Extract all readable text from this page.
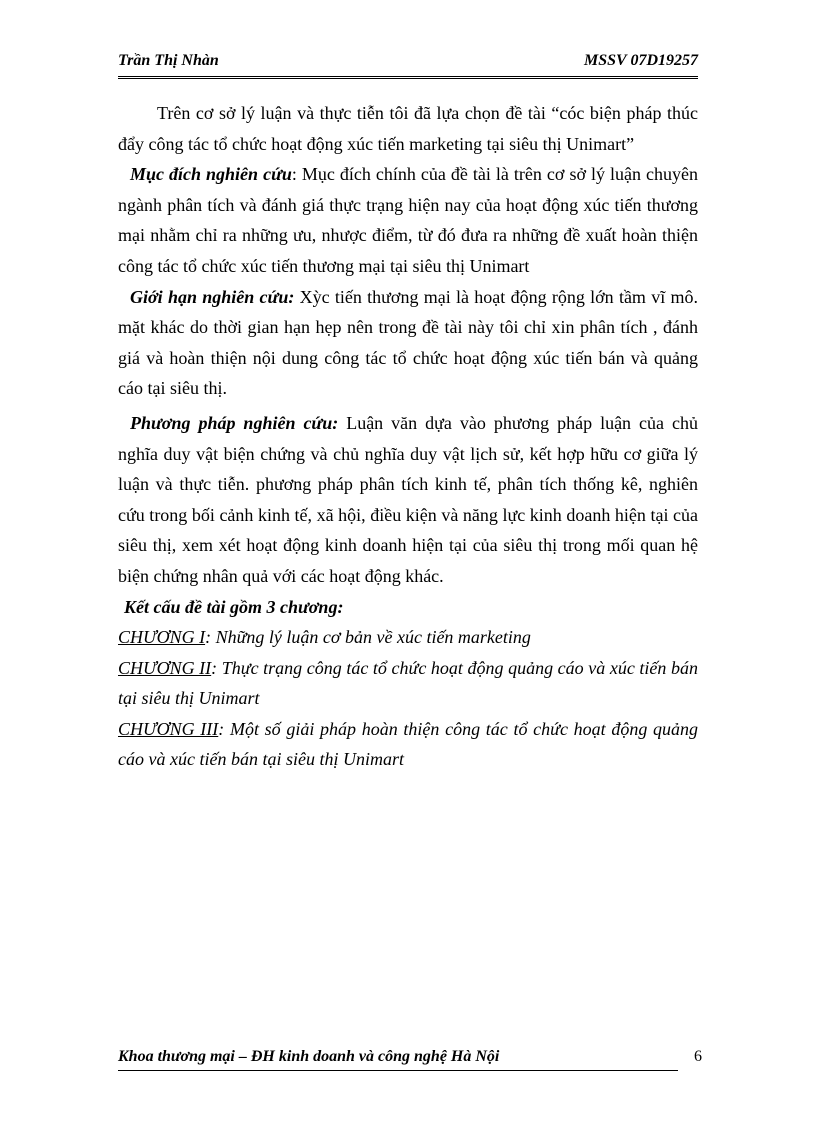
Trần Thị Nhàn	MSSV 07D19257

Trên cơ sở lý luận và thực tiễn tôi đã lựa chọn đề tài “cóc biện pháp thúc đẩy công tác tổ chức hoạt động xúc tiến marketing tại siêu thị Unimart”

Mục đích nghiên cứu: Mục đích chính của đề tài là trên cơ sở lý luận chuyên ngành phân tích và đánh giá thực trạng hiện nay của hoạt động xúc tiến thương mại nhằm chỉ ra những ưu, nhược điểm, từ đó đưa ra những đề xuất hoàn thiện công tác tổ chức xúc tiến thương mại tại siêu thị Unimart

Giới hạn nghiên cứu: Xỳc tiến thương mại là hoạt động rộng lớn tầm vĩ mô. mặt khác do thời gian hạn hẹp nên trong đề tài này tôi chỉ xin phân tích , đánh giá và hoàn thiện nội dung công tác tổ chức hoạt động xúc tiến bán và quảng cáo tại siêu thị.

Phương pháp nghiên cứu: Luận văn dựa vào phương pháp luận của chủ nghĩa duy vật biện chứng và chủ nghĩa duy vật lịch sử, kết hợp hữu cơ giữa lý luận và thực tiễn. phương pháp phân tích kinh tế, phân tích thống kê, nghiên cứu trong bối cảnh kinh tế, xã hội, điều kiện và năng lực kinh doanh hiện tại của siêu thị, xem xét hoạt động kinh doanh hiện tại của siêu thị trong mối quan hệ biện chứng nhân quả với các hoạt động khác.

Kết cấu đề tài gồm 3 chương:

CHƯƠNG I: Những lý luận cơ bản về xúc tiến marketing

CHƯƠNG II: Thực trạng công tác tổ chức hoạt động quảng cáo và xúc tiến bán tại siêu thị Unimart

CHƯƠNG III: Một số giải pháp hoàn thiện công tác tổ chức hoạt động quảng cáo và xúc tiến bán tại siêu thị Unimart

Khoa thương mại – ĐH kinh doanh và công nghệ Hà Nội	6
